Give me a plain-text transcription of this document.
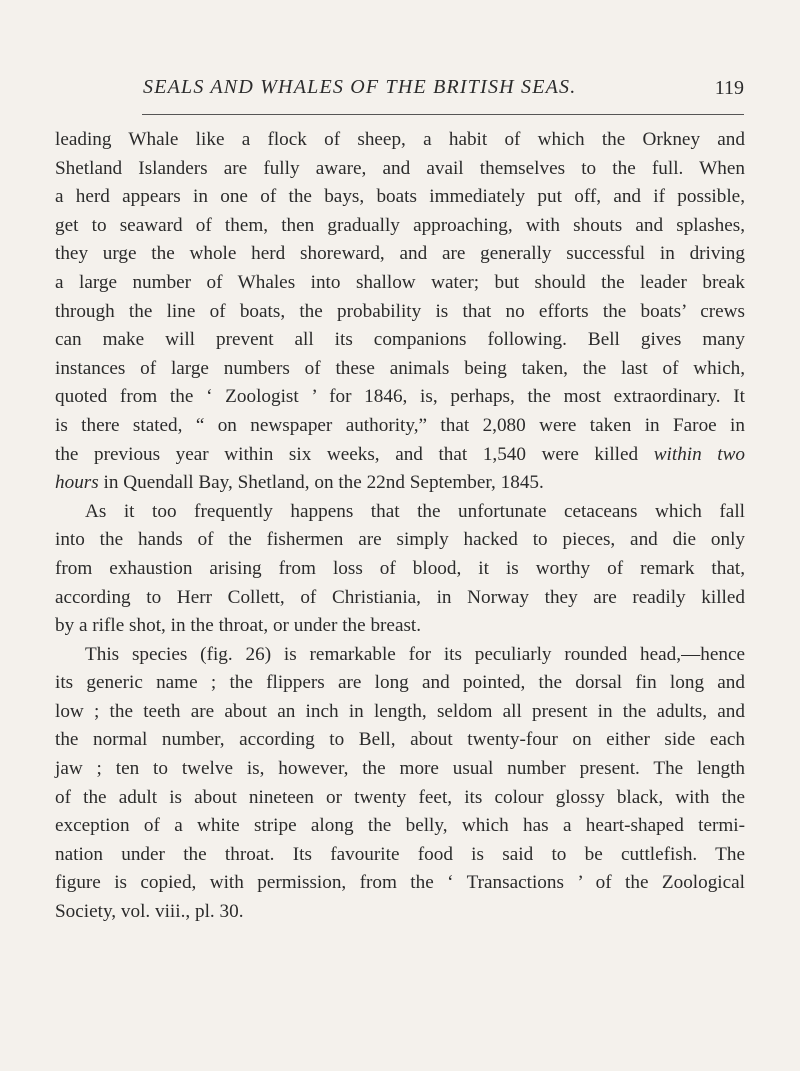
SEALS AND WHALES OF THE BRITISH SEAS.	119
leading Whale like a flock of sheep, a habit of which the Orkney and
Shetland Islanders are fully aware, and avail themselves to the full. When
a herd appears in one of the bays, boats immediately put off, and if possible,
get to seaward of them, then gradually approaching, with shouts and splashes,
they urge the whole herd shoreward, and are generally successful in driving
a large number of Whales into shallow water; but should the leader break
through the line of boats, the probability is that no efforts the boats’ crews
can make will prevent all its companions following. Bell gives many
instances of large numbers of these animals being taken, the last of which,
quoted from the ‘ Zoologist ’ for 1846, is, perhaps, the most extraordinary. It
is there stated, “ on newspaper authority,” that 2,080 were taken in Faroe in
the previous year within six weeks, and that 1,540 were killed within two
hours in Quendall Bay, Shetland, on the 22nd September, 1845.
As it too frequently happens that the unfortunate cetaceans which fall
into the hands of the fishermen are simply hacked to pieces, and die only
from exhaustion arising from loss of blood, it is worthy of remark that,
according to Herr Collett, of Christiania, in Norway they are readily killed
by a rifle shot, in the throat, or under the breast.
This species (fig. 26) is remarkable for its peculiarly rounded head,—hence
its generic name ; the flippers are long and pointed, the dorsal fin long and
low ; the teeth are about an inch in length, seldom all present in the adults, and
the normal number, according to Bell, about twenty-four on either side each
jaw ; ten to twelve is, however, the more usual number present. The length
of the adult is about nineteen or twenty feet, its colour glossy black, with the
exception of a white stripe along the belly, which has a heart-shaped termi-
nation under the throat. Its favourite food is said to be cuttlefish. The
figure is copied, with permission, from the ‘ Transactions ’ of the Zoological
Society, vol. viii., pl. 30.
